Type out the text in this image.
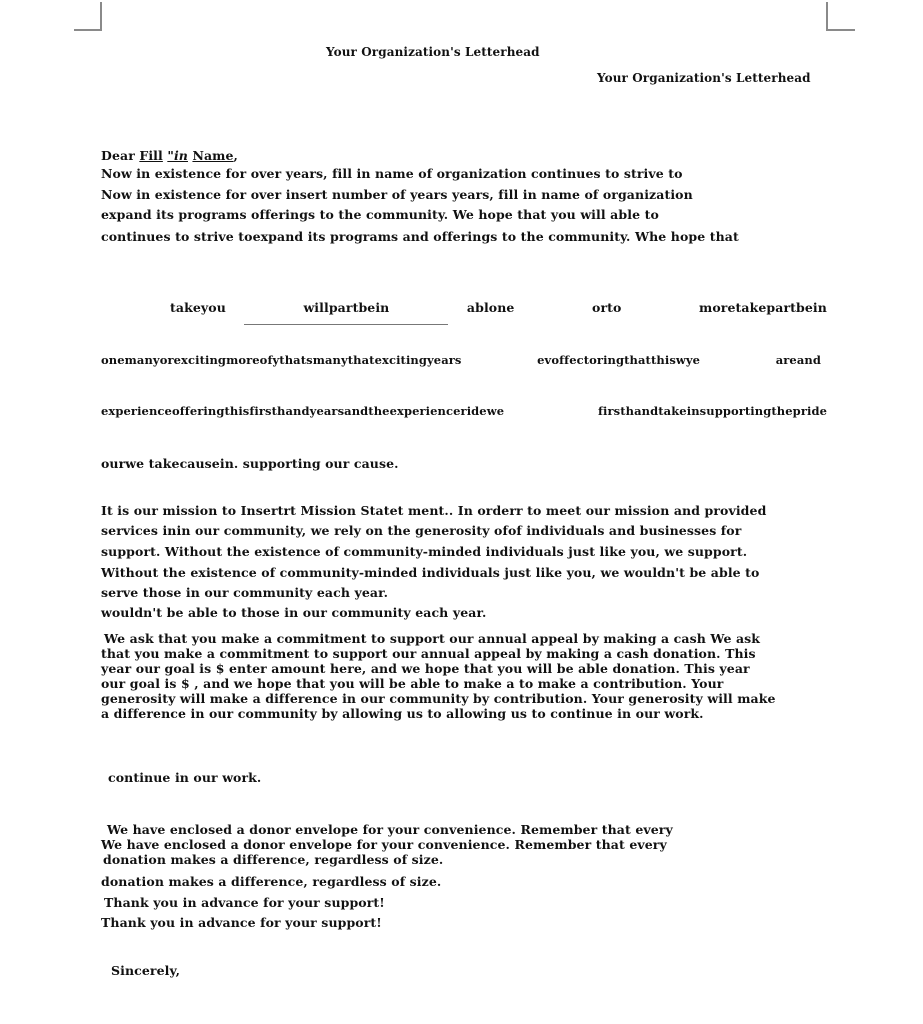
Your Organization's Letterhead
Your Organization's Letterhead
Dear Fill "in Name,
Now in existence for over years, fill in name of organization continues to strive to
Now in existence for over insert number of years years, fill in name of organization
expand its programs offerings to the community. We hope that you will able to
continues to strive toexpand its programs and offerings to the community. Whe hope that
takeyou	willpartbein	ablone	orto	moretakepartbein
onemanyorexcitingmoreofythatsmanythatexcitingyears	evoffectoringthatthiswye	areand
experienceofferingthisfirsthandyearsandtheexperienceridewe	firsthandtakeinsupportingthepride
ourwe takecausein. supporting our cause.
It is our mission to Insertrt Mission Statet ment.. In orderr to meet our mission and provided
services inin our community, we rely on the generosity ofof individuals and businesses for
support. Without the existence of community-minded individuals just like you, we support.
Without the existence of community-minded individuals just like you, we wouldn't be able to
serve those in our community each year.
wouldn't be able to those in our community each year.
We ask that you make a commitment to support our annual appeal by making a cash We ask
that you make a commitment to support our annual appeal by making a cash donation. This
year our goal is $ enter amount here, and we hope that you will be able donation. This year
our goal is $ , and we hope that you will be able to make a to make a contribution. Your
generosity will make a difference in our community by contribution. Your generosity will make
a difference in our community by allowing us to allowing us to continue in our work.
continue in our work.
We have enclosed a donor envelope for your convenience. Remember that every
We have enclosed a donor envelope for your convenience. Remember that every
donation makes a difference, regardless of size.
donation makes a difference, regardless of size.
Thank you in advance for your support!
Thank you in advance for your support!
Sincerely,
